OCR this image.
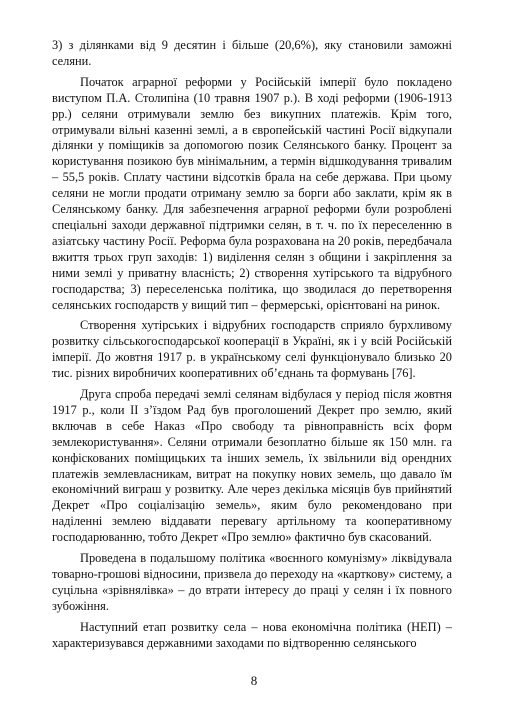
3) з ділянками від 9 десятин і більше (20,6%), яку становили заможні селяни.

Початок аграрної реформи у Російській імперії було покладено виступом П.А. Столипіна (10 травня 1907 р.). В ході реформи (1906-1913 рр.) селяни отримували землю без викупних платежів. Крім того, отримували вільні казенні землі, а в європейській частині Росії відкупали ділянки у поміщиків за допомогою позик Селянського банку. Процент за користування позикою був мінімальним, а термін відшкодування тривалим – 55,5 років. Сплату частини відсотків брала на себе держава. При цьому селяни не могли продати отриману землю за борги або заклати, крім як в Селянському банку. Для забезпечення аграрної реформи були розроблені спеціальні заходи державної підтримки селян, в т. ч. по їх переселенню в азіатську частину Росії. Реформа була розрахована на 20 років, передбачала вжиття трьох груп заходів: 1) виділення селян з общини і закріплення за ними землі у приватну власність; 2) створення хутірського та відрубного господарства; 3) переселенська політика, що зводилася до перетворення селянських господарств у вищий тип – фермерські, орієнтовані на ринок.

Створення хутірських і відрубних господарств сприяло бурхливому розвитку сільськогосподарської кооперації в Україні, як і у всій Російській імперії. До жовтня 1917 р. в українському селі функціонувало близько 20 тис. різних виробничих кооперативних об’єднань та формувань [76].

Друга спроба передачі землі селянам відбулася у період після жовтня 1917 р., коли II з’їздом Рад був проголошений Декрет про землю, який включав в себе Наказ «Про свободу та рівноправність всіх форм землекористування». Селяни отримали безоплатно більше як 150 млн. га конфіскованих поміщицьких та інших земель, їх звільнили від орендних платежів землевласникам, витрат на покупку нових земель, що давало їм економічний виграш у розвитку. Але через декілька місяців був прийнятий Декрет «Про соціалізацію земель», яким було рекомендовано при наділенні землею віддавати перевагу артільному та кооперативному господарюванню, тобто Декрет «Про землю» фактично був скасований.

Проведена в подальшому політика «воєнного комунізму» ліквідувала товарно-грошові відносини, призвела до переходу на «карткову» систему, а суцільна «зрівнялівка» – до втрати інтересу до праці у селян і їх повного зубожіння.

Наступний етап розвитку села – нова економічна політика (НЕП) – характеризувався державними заходами по відтворенню селянського

8
